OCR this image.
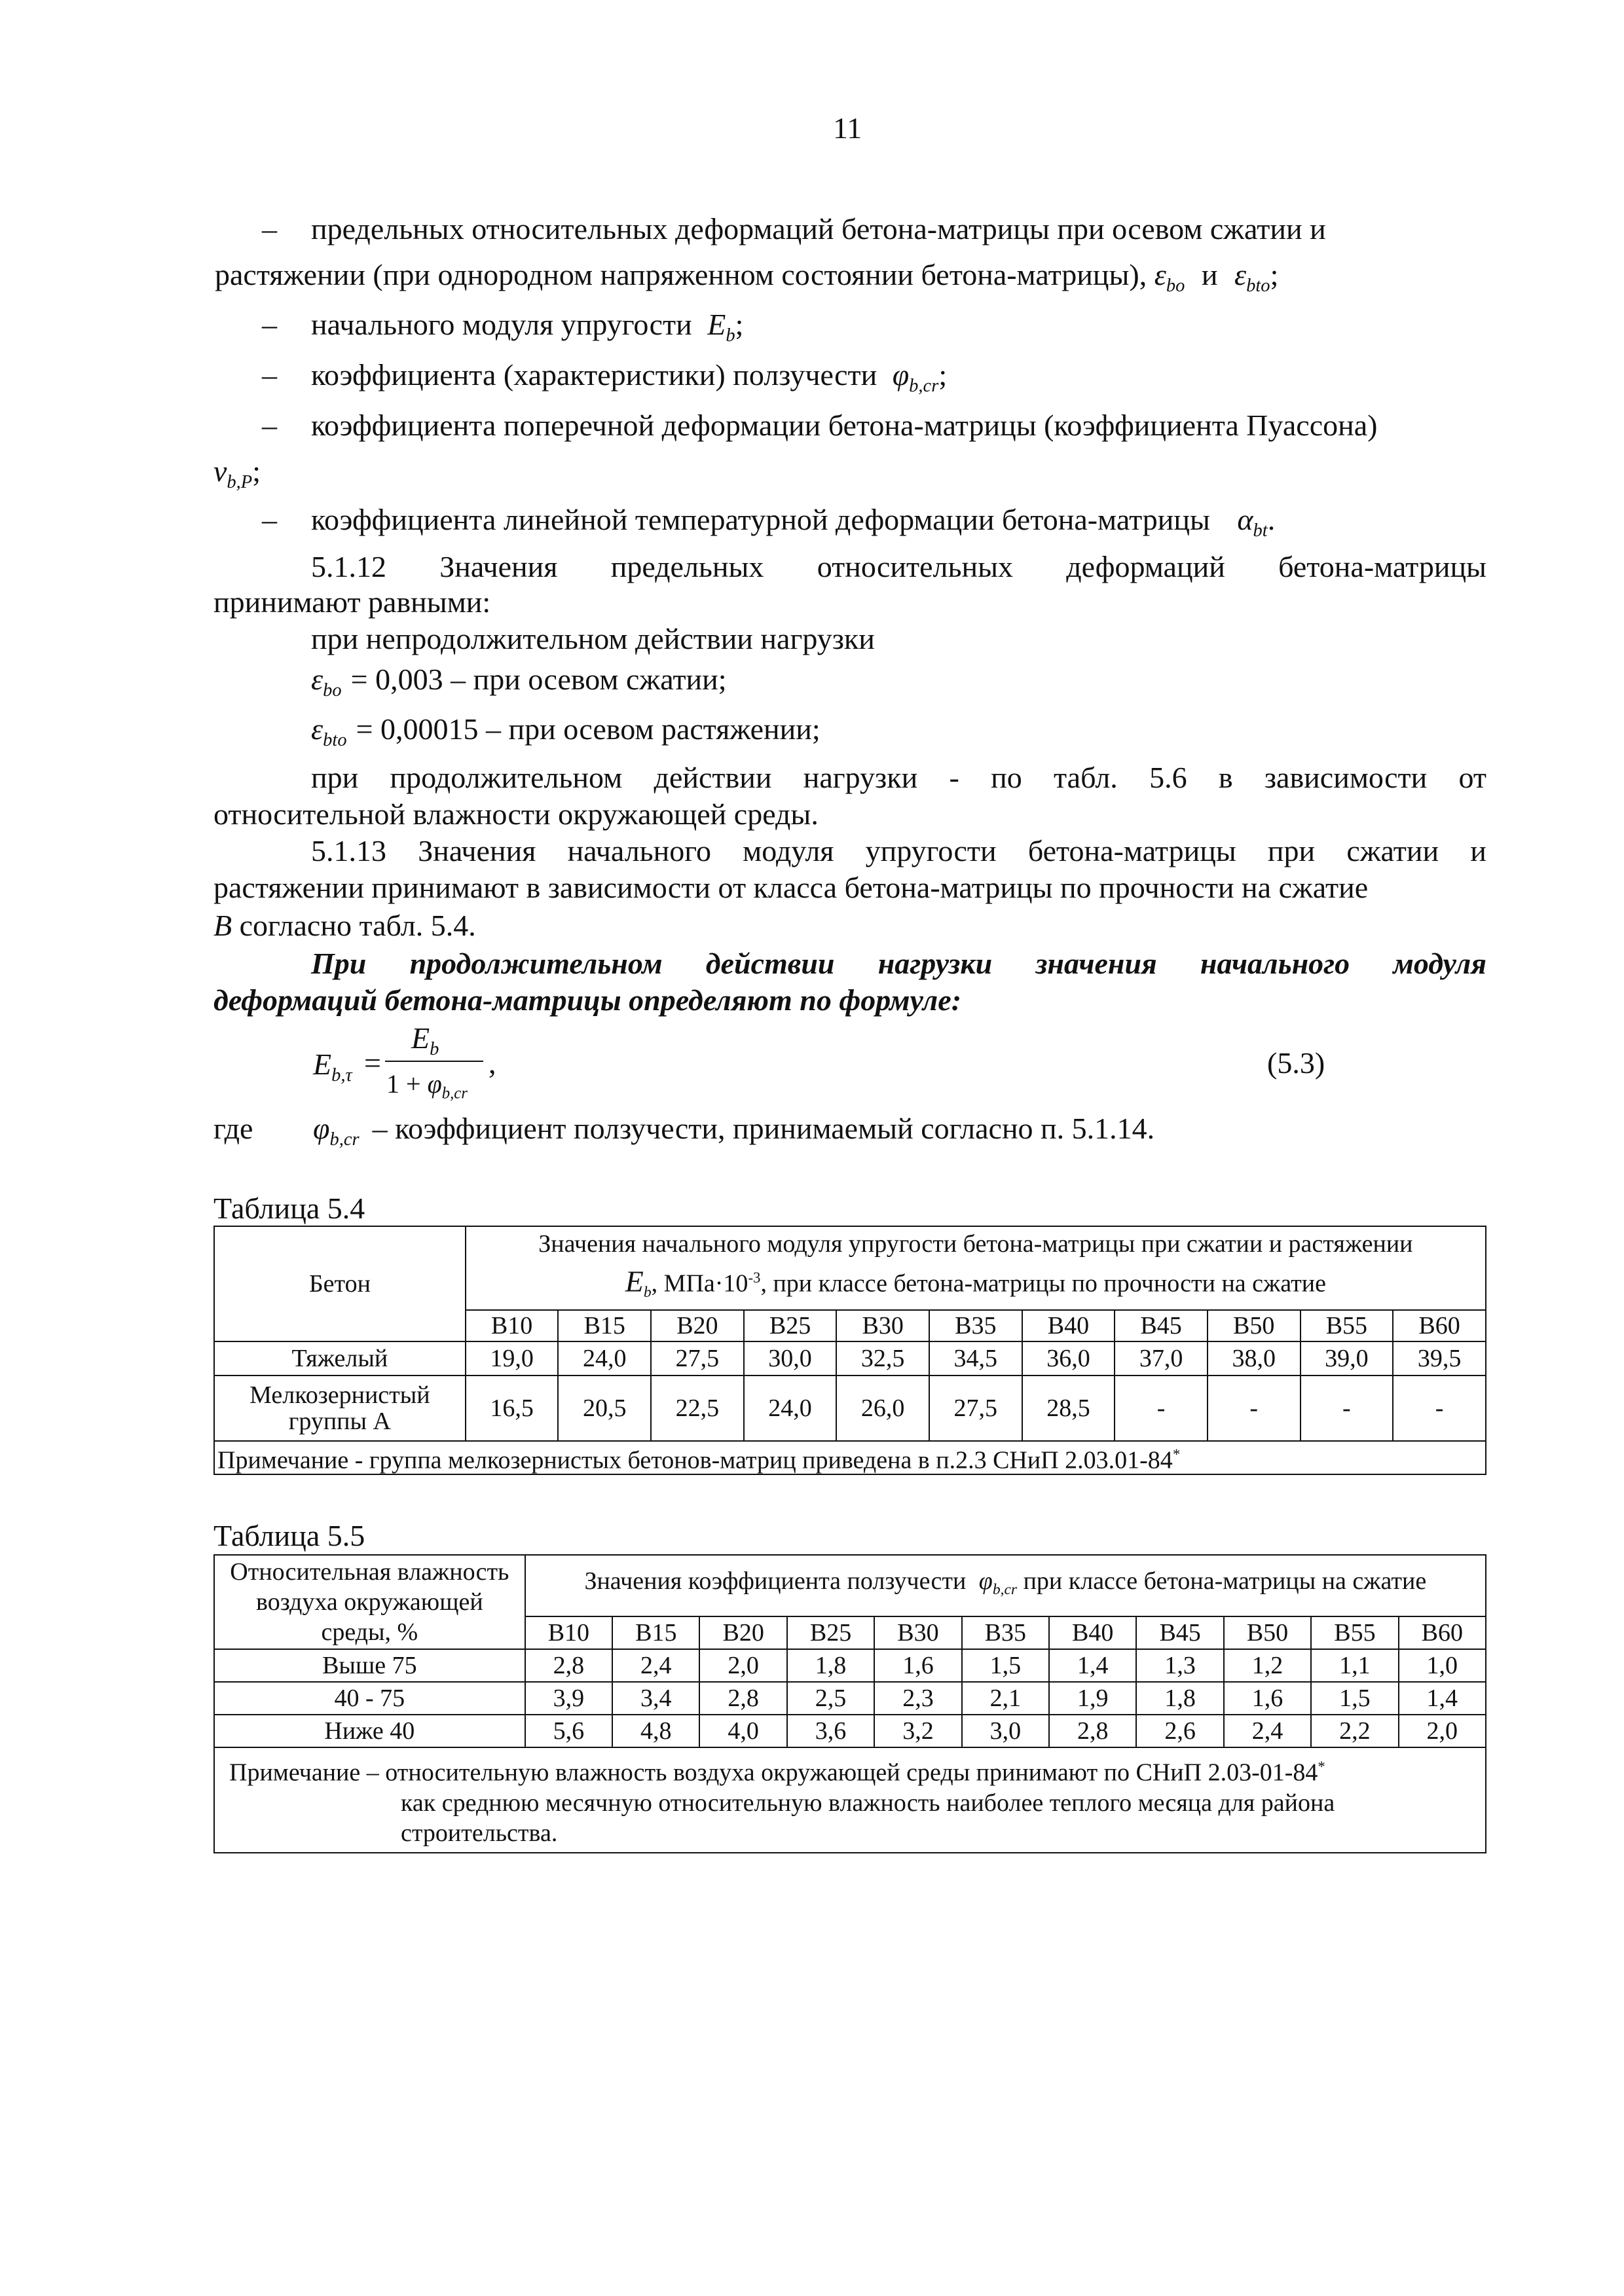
11
– предельных относительных деформаций бетона-матрицы при осевом сжатии и
растяжении (при однородном напряженном состоянии бетона-матрицы), $\varepsilon_{bo}$ и $\varepsilon_{bto}$;
– начального модуля упругости $E_b$;
– коэффициента (характеристики) ползучести $\varphi_{b,cr}$;
– коэффициента поперечной деформации бетона-матрицы (коэффициента Пуассона)
$\nu_{b,P}$;
– коэффициента линейной температурной деформации бетона-матрицы $\alpha_{bt}$.
5.1.12 Значения предельных относительных деформаций бетона-матрицы
принимают равными:
при непродолжительном действии нагрузки
$\varepsilon_{bo} = 0,003$ – при осевом сжатии;
$\varepsilon_{bto} = 0,00015$ – при осевом растяжении;
при продолжительном действии нагрузки - по табл. 5.6 в зависимости от
относительной влажности окружающей среды.
5.1.13 Значения начального модуля упругости бетона-матрицы при сжатии и
растяжении принимают в зависимости от класса бетона-матрицы по прочности на сжатие
B согласно табл. 5.4.
При продолжительном действии нагрузки значения начального модуля
деформаций бетона-матрицы определяют по формуле:
$E_{b,\tau}$ =
$E_b$
$1 + \varphi_{b,cr}$
,	(5.3)
где $\varphi_{b,cr}$ – коэффициент ползучести, принимаемый согласно п. 5.1.14.
Таблица 5.4
Бетон	Значения начального модуля упругости бетона-матрицы при сжатии и растяжении
$E_b$, $МПа\cdot 10^{-3}$, при классе бетона-матрицы по прочности на сжатие										

	B10	B15	B20	B25	B30	B35	B40	B45	B50	B55	B60
Тяжелый	19,0	24,0	27,5	30,0	32,5	34,5	36,0	37,0	38,0	39,0	39,5
Мелкозернистый группы А	16,5	20,5	22,5	24,0	26,0	27,5	28,5	-	-	-	-
Примечание - группа мелкозернистых бетонов-матриц приведена в п.2.3 СНиП 2.03.01-84*
Таблица 5.5
Относительная влажность воздуха окружающей среды, %	Значения коэффициента ползучести $\varphi_{b,cr}$ при классе бетона-матрицы на сжатие										
	B10	B15	B20	B25	B30	B35	B40	B45	B50	B55	B60
Выше 75	2,8	2,4	2,0	1,8	1,6	1,5	1,4	1,3	1,2	1,1	1,0
40 - 75	3,9	3,4	2,8	2,5	2,3	2,1	1,9	1,8	1,6	1,5	1,4
Ниже 40	5,6	4,8	4,0	3,6	3,2	3,0	2,8	2,6	2,4	2,2	2,0

Примечание – относительную влажность воздуха окружающей среды принимают по СНиП 2.03-01-84*
как среднюю месячную относительную влажность наиболее теплого месяца для района
строительства.											
